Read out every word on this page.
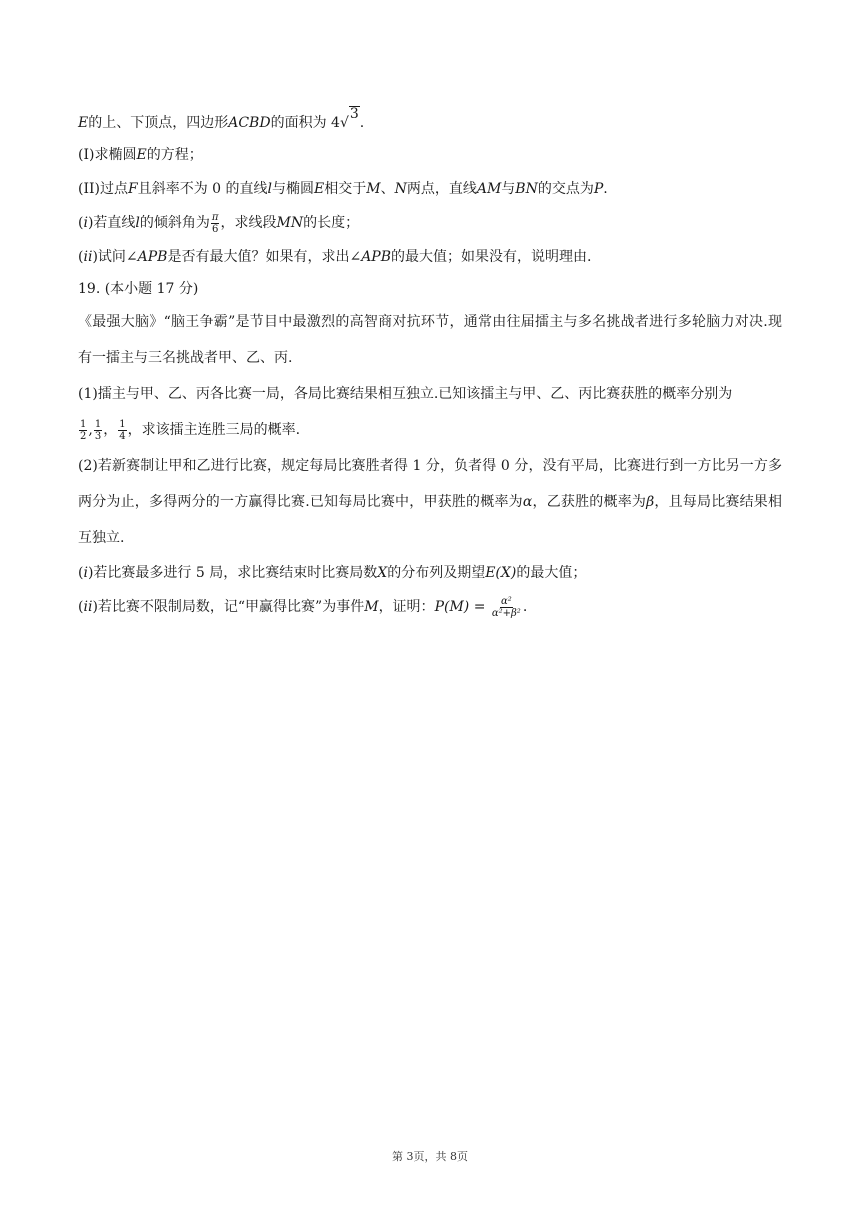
E 的上、下顶点，四边形 ACBD 的面积为 4 √
3
.
(I)求椭圆 E 的方程；
(II)过点 F 且斜率不为 0 的直线 l 与椭圆 E 相交于 M 、 N 两点，直线 AM 与 BN 的交点为 P .
( i )若直线 l 的倾斜角为 $\frac{\pi}{6}$ ，求线段 MN 的长度；
( ii )试问 ∠APB 是否有最大值？如果有，求出 ∠APB 的最大值；如果没有，说明理由.
19. (本小题 17 分)
《最强大脑》“脑王争霸”是节目中最激烈的高智商对抗环节，通常由往届擂主与多名挑战者进行多轮脑力对决.现有一擂主与三名挑战者甲、乙、丙.
(1)擂主与甲、乙、丙各比赛一局，各局比赛结果相互独立.已知该擂主与甲、乙、丙比赛获胜的概率分别为

$\frac{1}{2}$ , $\frac{1}{3}$ ， $\frac{1}{4}$ ，求该擂主连胜三局的概率.
(2)若新赛制让甲和乙进行比赛，规定每局比赛胜者得 1 分，负者得 0 分，没有平局，比赛进行到一方比另一方多两分为止，多得两分的一方赢得比赛.已知每局比赛中，甲获胜的概率为α，乙获胜的概率为β，且每局比赛结果相互独立.
( i )若比赛最多进行 5 局，求比赛结束时比赛局数 X 的分布列及期望 E(X) 的最大值；
( ii )若比赛不限制局数，记“甲赢得比赛”为事件 M ，证明： $P(M) = \frac{\text{α²}}{\text{α²+β²}}$ .
第 3页，共 8页
